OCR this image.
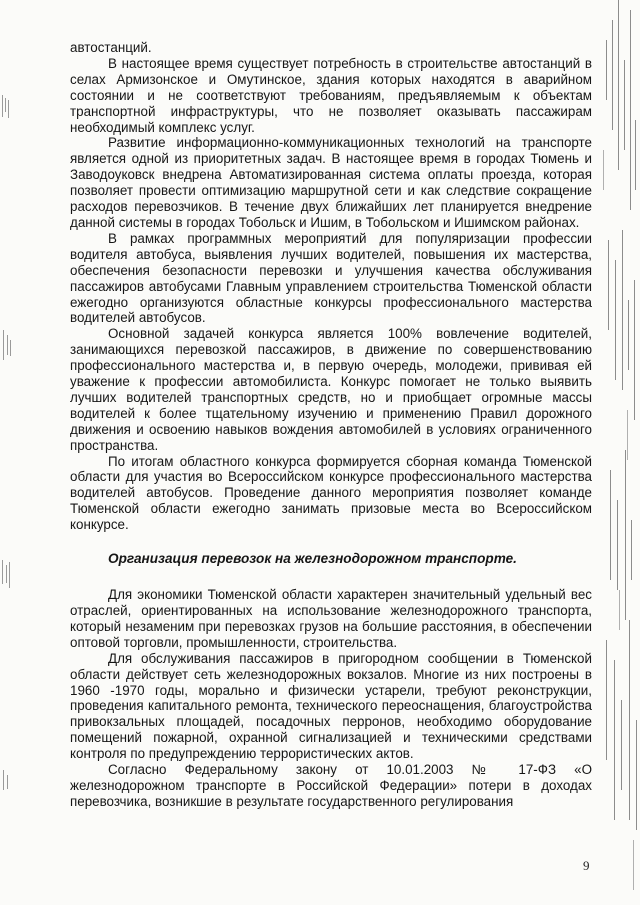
автостанций.

В настоящее время существует потребность в строительстве автостанций в селах Армизонское и Омутинское, здания которых находятся в аварийном состоянии и не соответствуют требованиям, предъявляемым к объектам транспортной инфраструктуры, что не позволяет оказывать пассажирам необходимый комплекс услуг.

Развитие информационно-коммуникационных технологий на транспорте является одной из приоритетных задач. В настоящее время в городах Тюмень и Заводоуковск внедрена Автоматизированная система оплаты проезда, которая позволяет провести оптимизацию маршрутной сети и как следствие сокращение расходов перевозчиков. В течение двух ближайших лет планируется внедрение данной системы в городах Тобольск и Ишим, в Тобольском и Ишимском районах.

В рамках программных мероприятий для популяризации профессии водителя автобуса, выявления лучших водителей, повышения их мастерства, обеспечения безопасности перевозки и улучшения качества обслуживания пассажиров автобусами Главным управлением строительства Тюменской области ежегодно организуются областные конкурсы профессионального мастерства водителей автобусов.

Основной задачей конкурса является 100% вовлечение водителей, занимающихся перевозкой пассажиров, в движение по совершенствованию профессионального мастерства и, в первую очередь, молодежи, прививая ей уважение к профессии автомобилиста. Конкурс помогает не только выявить лучших водителей транспортных средств, но и приобщает огромные массы водителей к более тщательному изучению и применению Правил дорожного движения и освоению навыков вождения автомобилей в условиях ограниченного пространства.

По итогам областного конкурса формируется сборная команда Тюменской области для участия во Всероссийском конкурсе профессионального мастерства водителей автобусов. Проведение данного мероприятия позволяет команде Тюменской области ежегодно занимать призовые места во Всероссийском конкурсе.

Организация перевозок на железнодорожном транспорте.

Для экономики Тюменской области характерен значительный удельный вес отраслей, ориентированных на использование железнодорожного транспорта, который незаменим при перевозках грузов на большие расстояния, в обеспечении оптовой торговли, промышленности, строительства.

Для обслуживания пассажиров в пригородном сообщении в Тюменской области действует сеть железнодорожных вокзалов. Многие из них построены в 1960 -1970 годы, морально и физически устарели, требуют реконструкции, проведения капитального ремонта, технического переоснащения, благоустройства привокзальных площадей, посадочных перронов, необходимо оборудование помещений пожарной, охранной сигнализацией и техническими средствами контроля по предупреждению террористических актов.

Согласно Федеральному закону от 10.01.2003 № 17-ФЗ «О железнодорожном транспорте в Российской Федерации» потери в доходах перевозчика, возникшие в результате государственного регулирования

9
